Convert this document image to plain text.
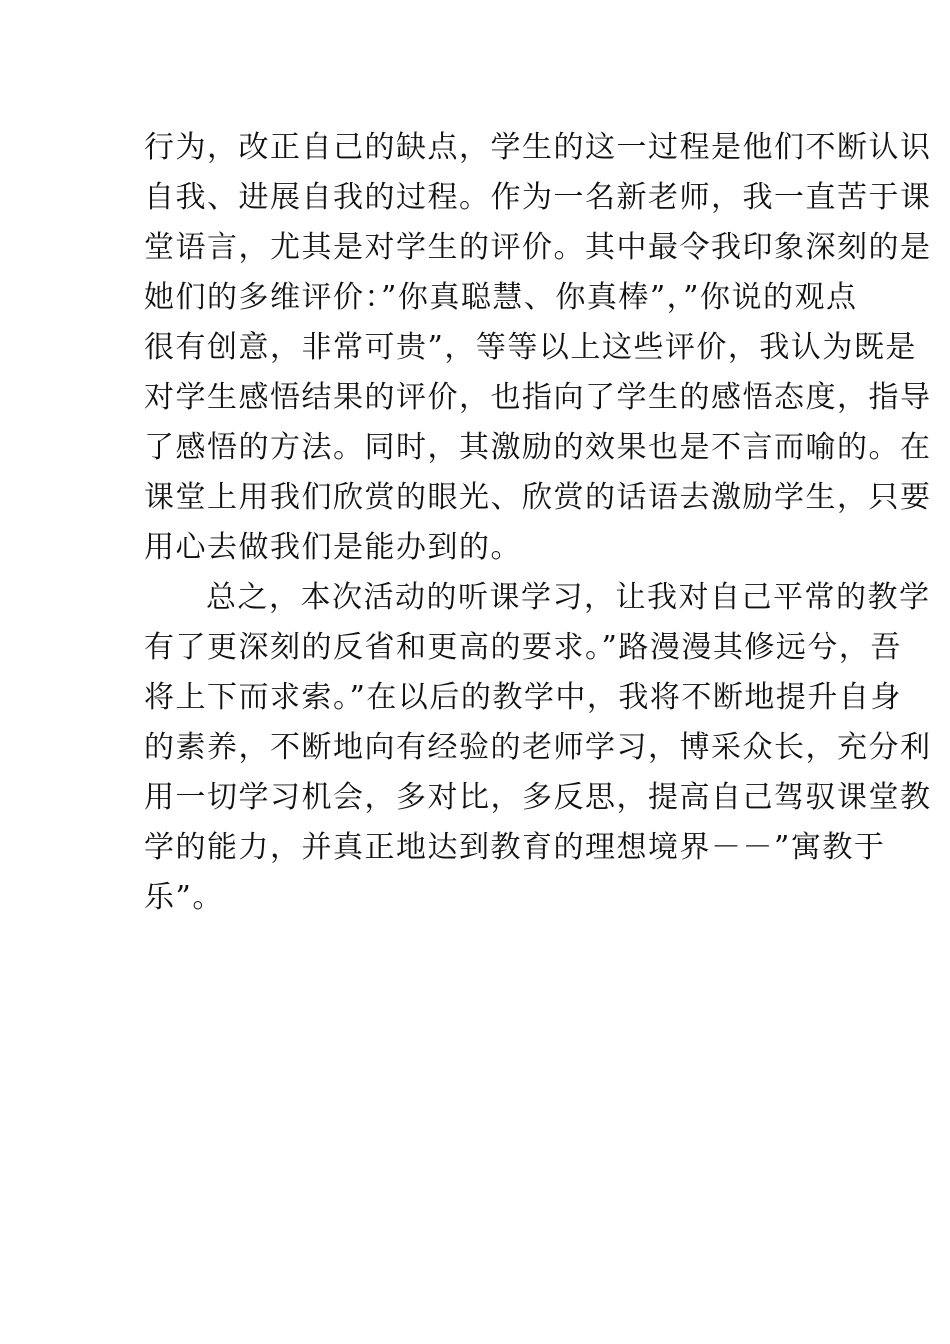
行为，改正自己的缺点，学生的这一过程是他们不断认识
自我、进展自我的过程。作为一名新老师，我一直苦于课
堂语言，尤其是对学生的评价。其中最令我印象深刻的是
她们的多维评价：”你真聪慧、你真棒”，”你说的观点
很有创意，非常可贵”，等等以上这些评价，我认为既是
对学生感悟结果的评价，也指向了学生的感悟态度，指导
了感悟的方法。同时，其激励的效果也是不言而喻的。在
课堂上用我们欣赏的眼光、欣赏的话语去激励学生，只要
用心去做我们是能办到的。
总之，本次活动的听课学习，让我对自己平常的教学
有了更深刻的反省和更高的要求。”路漫漫其修远兮，吾
将上下而求索。”在以后的教学中，我将不断地提升自身
的素养，不断地向有经验的老师学习，博采众长，充分利
用一切学习机会，多对比，多反思，提高自己驾驭课堂教
学的能力，并真正地达到教育的理想境界－－”寓教于
乐”。
